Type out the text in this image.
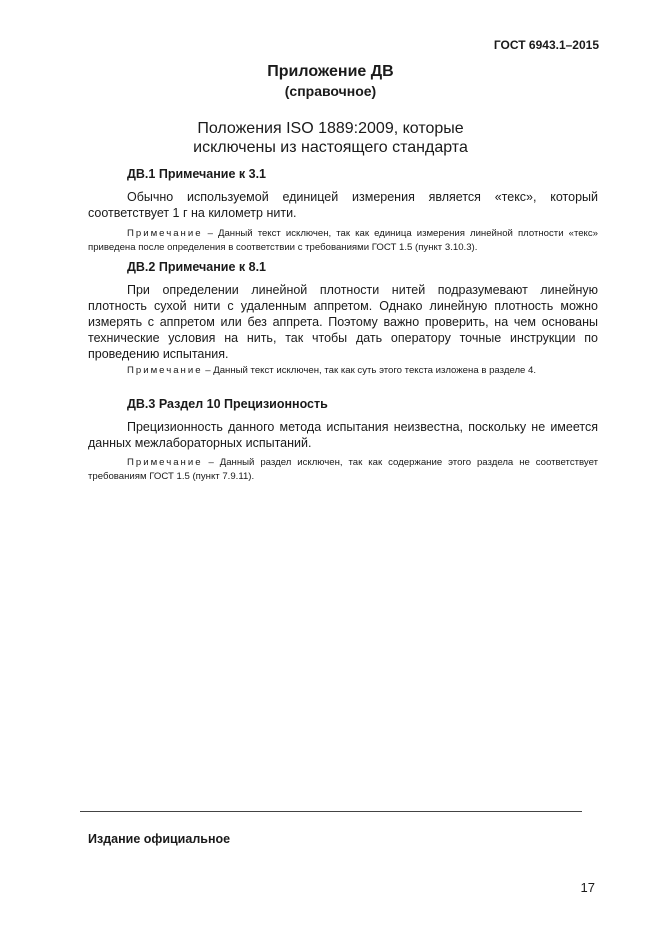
ГОСТ 6943.1–2015
Приложение ДВ
(справочное)
Положения ISO 1889:2009, которые
исключены из настоящего стандарта
ДВ.1 Примечание к 3.1
Обычно используемой единицей измерения является «текс», который соответствует 1 г на километр нити.
Примечание – Данный текст исключен, так как единица измерения линейной плотности «текс» приведена после определения в соответствии с требованиями ГОСТ 1.5 (пункт 3.10.3).
ДВ.2 Примечание к 8.1
При определении линейной плотности нитей подразумевают линейную плотность сухой нити с удаленным аппретом. Однако линейную плотность можно измерять с аппретом или без аппрета. Поэтому важно проверить, на чем основаны технические условия на нить, так чтобы дать оператору точные инструкции по проведению испытания.
Примечание – Данный текст исключен, так как суть этого текста изложена в разделе 4.
ДВ.3 Раздел 10 Прецизионность
Прецизионность данного метода испытания неизвестна, поскольку не имеется данных межлабораторных испытаний.
Примечание – Данный раздел исключен, так как содержание этого раздела не соответствует требованиям ГОСТ 1.5 (пункт 7.9.11).
Издание официальное
17
